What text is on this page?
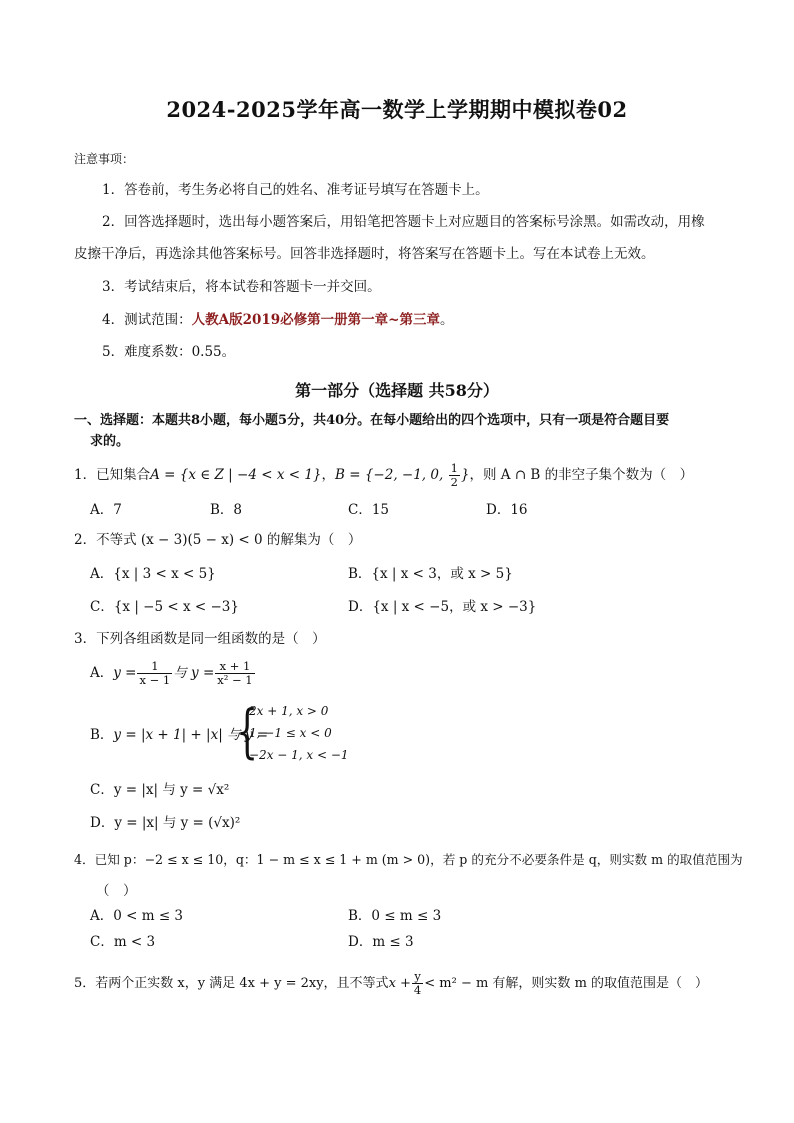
2024-2025学年高一数学上学期期中模拟卷02
注意事项：
1．答卷前，考生务必将自己的姓名、准考证号填写在答题卡上。
2．回答选择题时，选出每小题答案后，用铅笔把答题卡上对应题目的答案标号涂黑。如需改动，用橡
皮擦干净后，再选涂其他答案标号。回答非选择题时，将答案写在答题卡上。写在本试卷上无效。
3．考试结束后，将本试卷和答题卡一并交回。
4．测试范围：人教A版2019必修第一册第一章~第三章。
5．难度系数：0.55。
第一部分（选择题 共58分）
一、选择题：本题共8小题，每小题5分，共40分。在每小题给出的四个选项中，只有一项是符合题目要
求的。
1．已知集合A = {x ∈ Z | −4 < x < 1}，B = {−2, −1, 0, $\frac{1}{2}$ }，则 A ∩ B 的非空子集个数为（　）
A．7	B．8	C．15	D．16
2．不等式 (x − 3)(5 − x) < 0 的解集为（　）
A．{x | 3 < x < 5}	B．{x | x < 3，或 x > 5}
C．{x | −5 < x < −3}	D．{x | x < −5，或 x > −3}
3．下列各组函数是同一组函数的是（　）
A．$y = \frac{1}{x - 1}$ 与 $y = \frac{x + 1}{\text{x² − 1}}$
B．y = |x + 1| + |x| 与 y =
{
2x + 1, x > 0
1, −1 ≤ x < 0
−2x − 1, x < −1
C．y = |x| 与 y = √x²
D．y = |x| 与 y = (√x)²
4．已知 p：−2 ≤ x ≤ 10，q：1 − m ≤ x ≤ 1 + m (m > 0)，若 p 的充分不必要条件是 q，则实数 m 的取值范围为
（　）
A．0 < m ≤ 3	B．0 ≤ m ≤ 3
C．m < 3	D．m ≤ 3
5．若两个正实数 x，y 满足 4x + y = 2xy，且不等式$x + \frac{y}{4} < m^2 - m$ 有解，则实数 m 的取值范围是（　）
